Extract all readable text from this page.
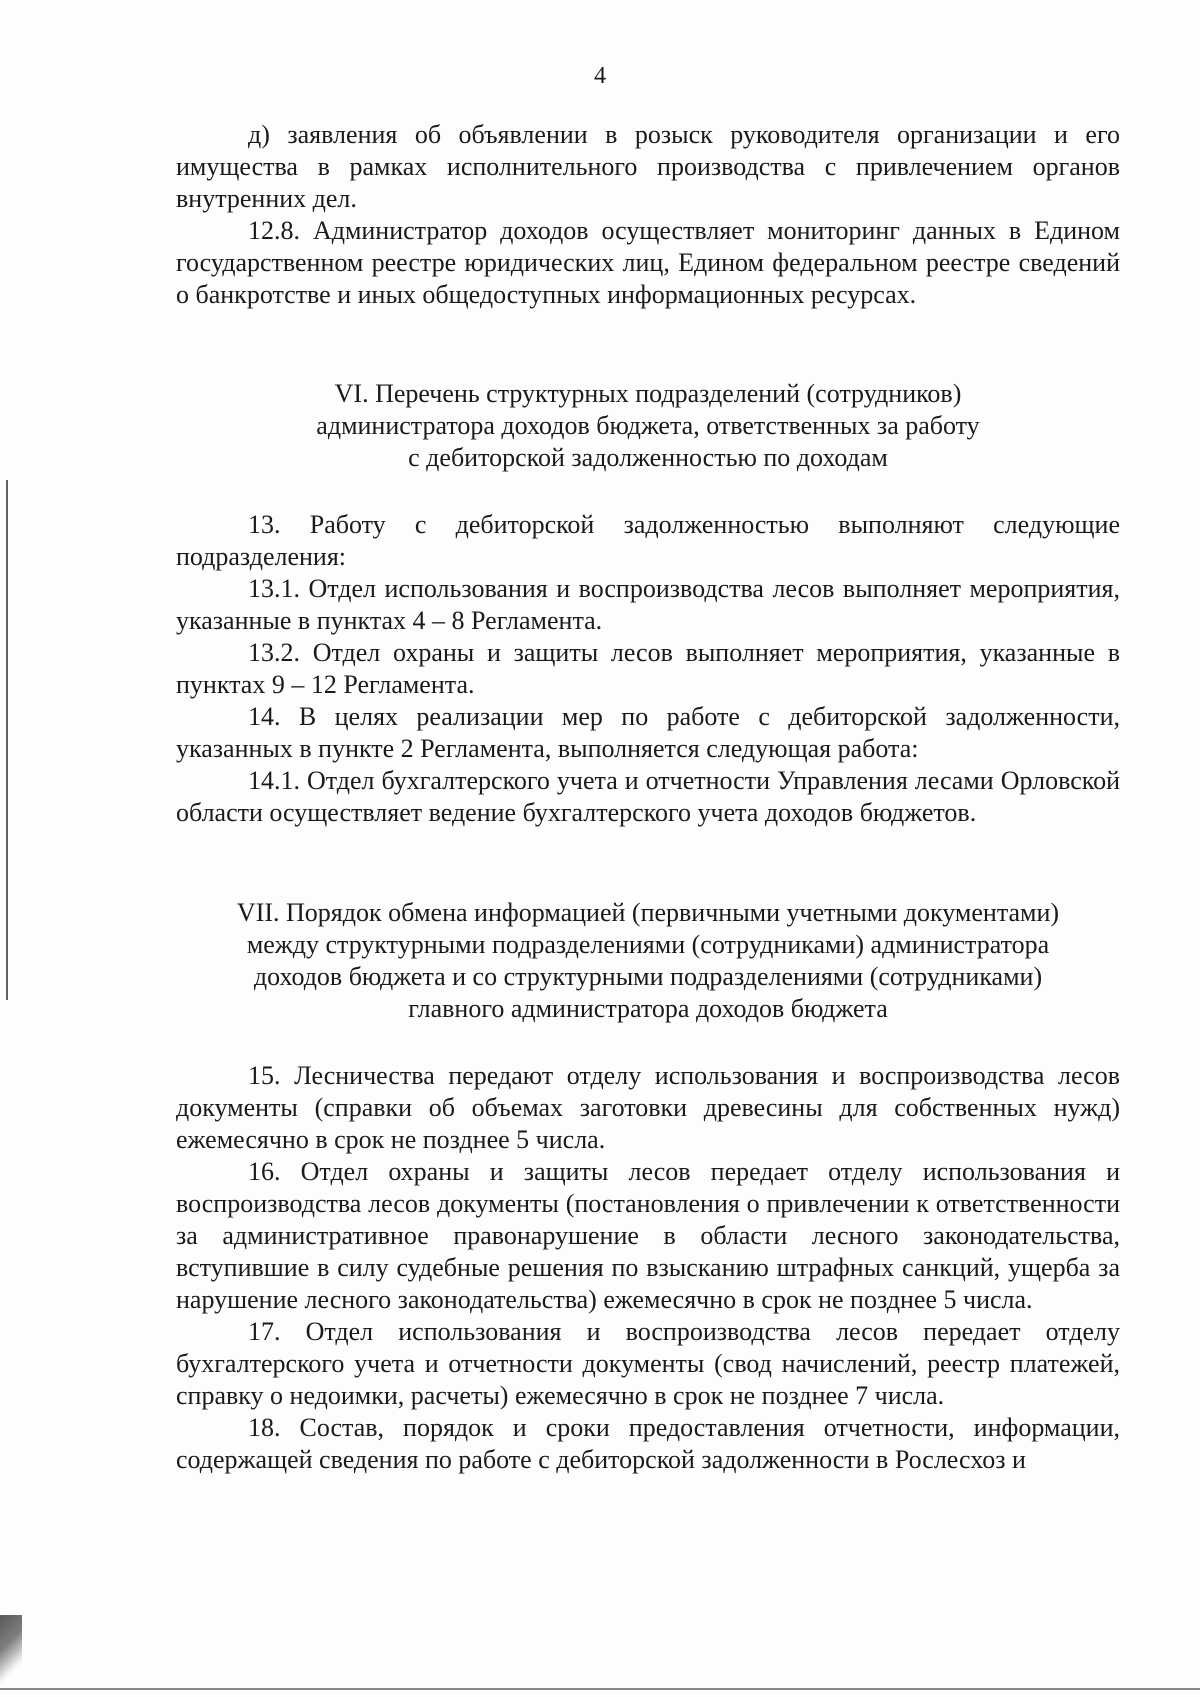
4

д) заявления об объявлении в розыск руководителя организации и его имущества в рамках исполнительного производства с привлечением органов внутренних дел.

12.8. Администратор доходов осуществляет мониторинг данных в Едином государственном реестре юридических лиц, Едином федеральном реестре сведений о банкротстве и иных общедоступных информационных ресурсах.

VI. Перечень структурных подразделений (сотрудников)
администратора доходов бюджета, ответственных за работу
с дебиторской задолженностью по доходам

13. Работу с дебиторской задолженностью выполняют следующие подразделения:

13.1. Отдел использования и воспроизводства лесов выполняет мероприятия, указанные в пунктах 4 – 8 Регламента.

13.2. Отдел охраны и защиты лесов выполняет мероприятия, указанные в пунктах 9 – 12 Регламента.

14. В целях реализации мер по работе с дебиторской задолженности, указанных в пункте 2 Регламента, выполняется следующая работа:

14.1. Отдел бухгалтерского учета и отчетности Управления лесами Орловской области осуществляет ведение бухгалтерского учета доходов бюджетов.

VII. Порядок обмена информацией (первичными учетными документами)
между структурными подразделениями (сотрудниками) администратора
доходов бюджета и со структурными подразделениями (сотрудниками)
главного администратора доходов бюджета

15. Лесничества передают отделу использования и воспроизводства лесов документы (справки об объемах заготовки древесины для собственных нужд) ежемесячно в срок не позднее 5 числа.

16. Отдел охраны и защиты лесов передает отделу использования и воспроизводства лесов документы (постановления о привлечении к ответственности за административное правонарушение в области лесного законодательства, вступившие в силу судебные решения по взысканию штрафных санкций, ущерба за нарушение лесного законодательства) ежемесячно в срок не позднее 5 числа.

17. Отдел использования и воспроизводства лесов передает отделу бухгалтерского учета и отчетности документы (свод начислений, реестр платежей, справку о недоимки, расчеты) ежемесячно в срок не позднее 7 числа.

18. Состав, порядок и сроки предоставления отчетности, информации, содержащей сведения по работе с дебиторской задолженности в Рослесхоз и
